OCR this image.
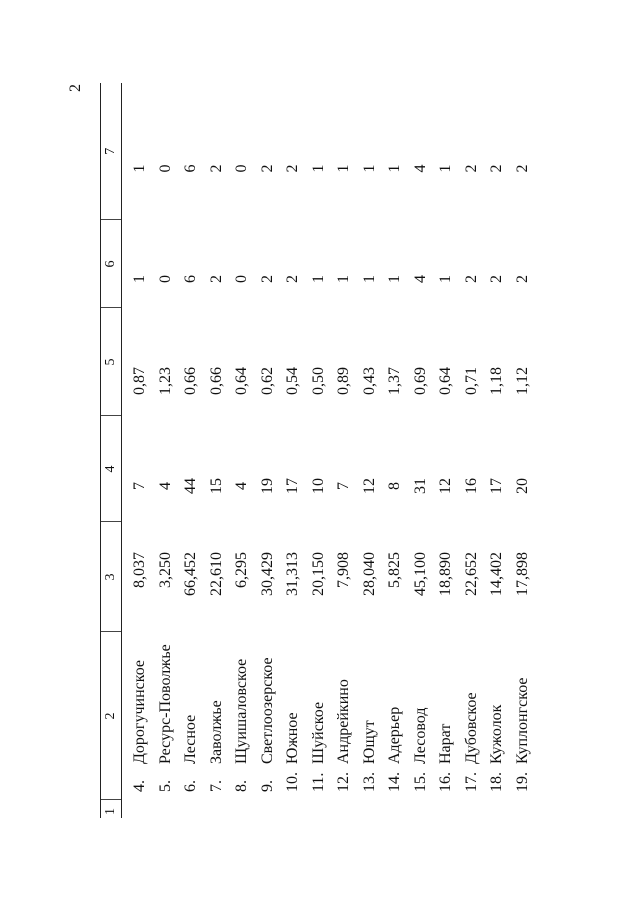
2
1	2	3	4	5	6	7
	4.Дорогучинское	8,037	7	0,87	1	1
	5.Ресурс-Поволжье	3,250	4	1,23	0	0
	6.Лесное	66,452	44	0,66	6	6
	7.Заволжье	22,610	15	0,66	2	2
	8.Щуишаловское	6,295	4	0,64	0	0
	9.Светлоозерское	30,429	19	0,62	2	2
	10.Южное	31,313	17	0,54	2	2
	11.Шуйское	20,150	10	0,50	1	1
	12.Андрейкино	7,908	7	0,89	1	1
	13.Ющут	28,040	12	0,43	1	1
	14.Адерьер	5,825	8	1,37	1	1
	15.Лесовод	45,100	31	0,69	4	4
	16.Нарат	18,890	12	0,64	1	1
	17.Дубовское	22,652	16	0,71	2	2
	18.Кужолок	14,402	17	1,18	2	2
	19.Куплонгское	17,898	20	1,12	2	2
